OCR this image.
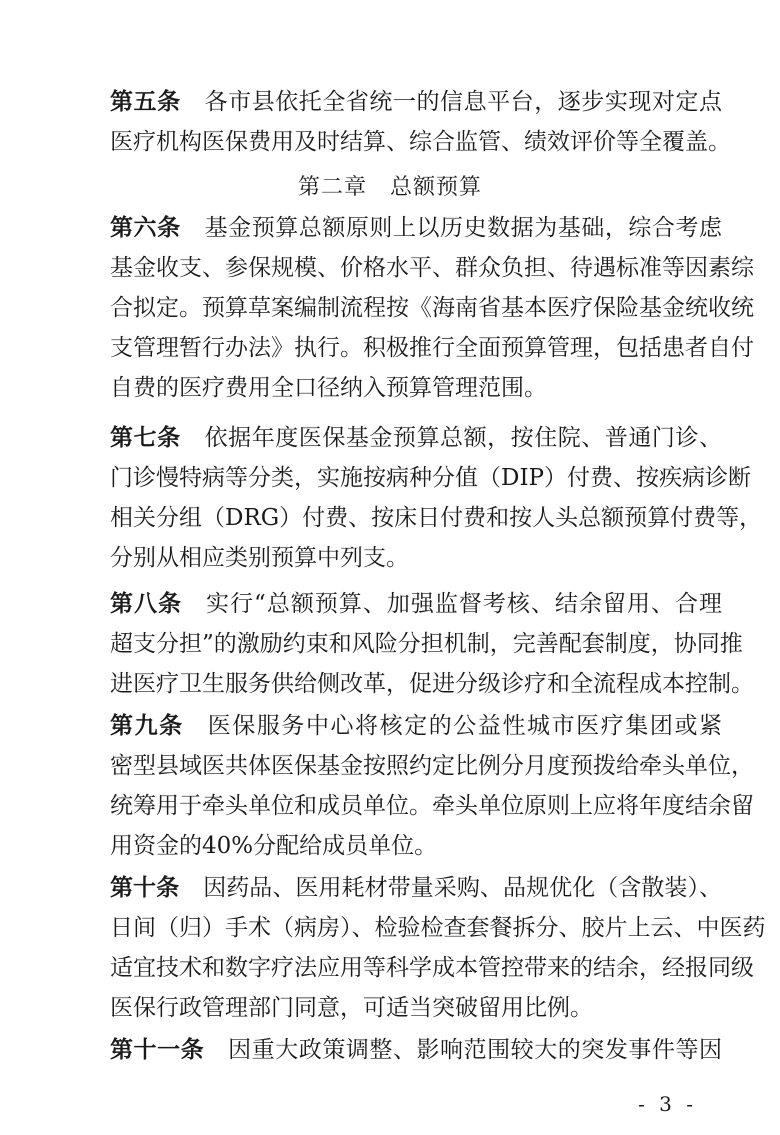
第二章　总额预算
第五条 各市县依托全省统一的信息平台，逐步实现对定点
医疗机构医保费用及时结算、综合监管、绩效评价等全覆盖。
第六条 基金预算总额原则上以历史数据为基础，综合考虑
基金收支、参保规模、价格水平、群众负担、待遇标准等因素综
合拟定。预算草案编制流程按《海南省基本医疗保险基金统收统
支管理暂行办法》执行。积极推行全面预算管理，包括患者自付
自费的医疗费用全口径纳入预算管理范围。
第七条 依据年度医保基金预算总额，按住院、普通门诊、
门诊慢特病等分类，实施按病种分值（DIP）付费、按疾病诊断
相关分组（DRG）付费、按床日付费和按人头总额预算付费等，
分别从相应类别预算中列支。
第八条 实行“总额预算、加强监督考核、结余留用、合理
超支分担”的激励约束和风险分担机制，完善配套制度，协同推
进医疗卫生服务供给侧改革，促进分级诊疗和全流程成本控制。
第九条 医保服务中心将核定的公益性城市医疗集团或紧
密型县域医共体医保基金按照约定比例分月度预拨给牵头单位，
统筹用于牵头单位和成员单位。牵头单位原则上应将年度结余留
用资金的40%分配给成员单位。
第十条 因药品、医用耗材带量采购、品规优化（含散装）、
日间（归）手术（病房）、检验检查套餐拆分、胶片上云、中医药
适宜技术和数字疗法应用等科学成本管控带来的结余，经报同级
医保行政管理部门同意，可适当突破留用比例。
第十一条 因重大政策调整、影响范围较大的突发事件等因
- 3 -
